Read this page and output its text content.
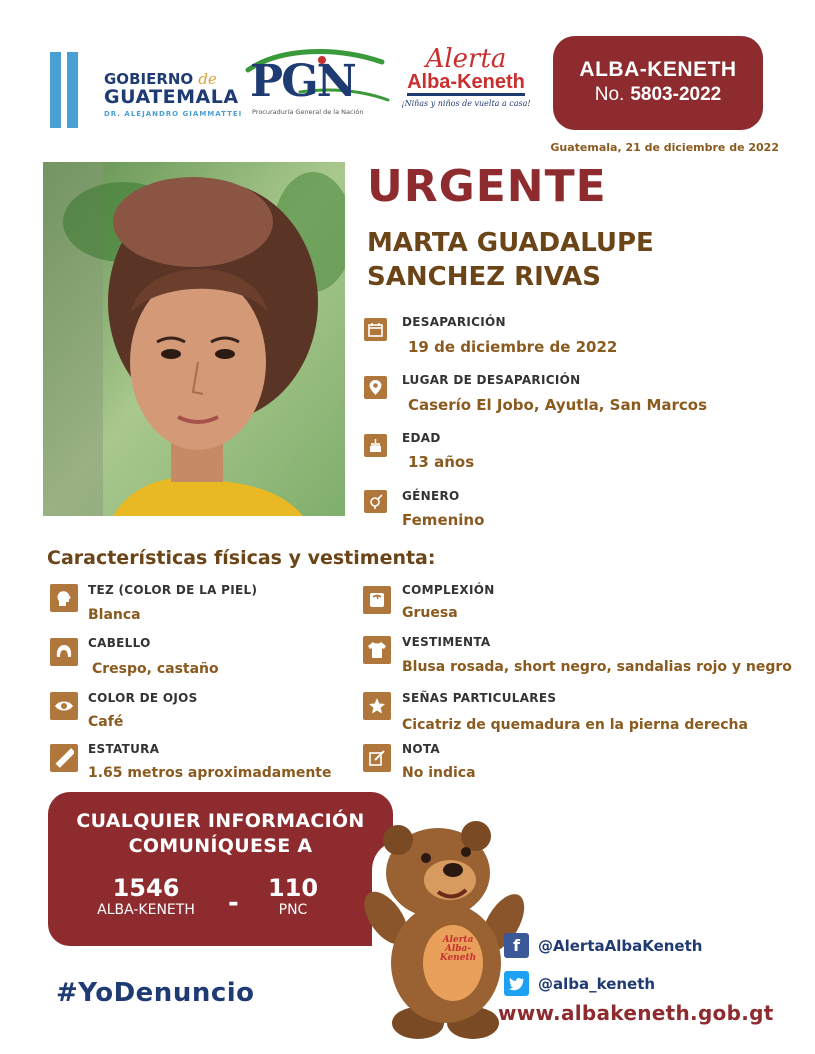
GOBIERNO de
GUATEMALA
DR. ALEJANDRO GIAMMATTEI
PGN
Procuraduría General de la Nación
Alerta
Alba-Keneth
¡Niñas y niños de vuelta a casa!
ALBA-KENETH
No. 5803-2022
Guatemala, 21 de diciembre de 2022
URGENTE
MARTA GUADALUPE
SANCHEZ RIVAS
DESAPARICIÓN
19 de diciembre de 2022
LUGAR DE DESAPARICIÓN
Caserío El Jobo, Ayutla, San Marcos
EDAD
13 años
GÉNERO
Femenino
Características físicas y vestimenta:
TEZ (COLOR DE LA PIEL)
Blanca
CABELLO
Crespo, castaño
COLOR DE OJOS
Café
ESTATURA
1.65 metros aproximadamente
COMPLEXIÓN
Gruesa
VESTIMENTA
Blusa rosada, short negro, sandalias rojo y negro
SEÑAS PARTICULARES
Cicatriz de quemadura en la pierna derecha
NOTA
No indica
CUALQUIER INFORMACIÓN
COMUNÍQUESE A
1546
ALBA-KENETH	-	110
PNC
Alerta Alba-Keneth
#YoDenuncio
f	@AlertaAlbaKeneth
@alba_keneth
www.albakeneth.gob.gt
